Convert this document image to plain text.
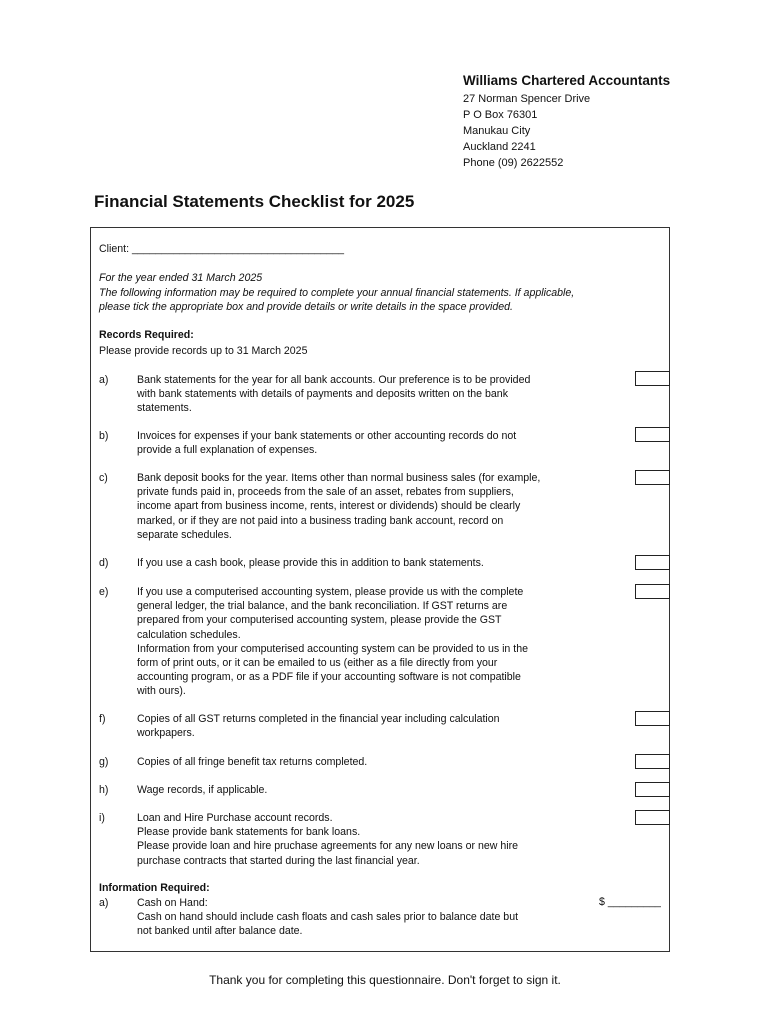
Williams Chartered Accountants
27 Norman Spencer Drive
P O Box 76301
Manukau City
Auckland 2241
Phone (09) 2622552
Financial Statements Checklist for 2025
Client: ____________________________________
For the year ended 31 March 2025
The following information may be required to complete your annual financial statements. If applicable,
please tick the appropriate box and provide details or write details in the space provided.
Records Required:
Please provide records up to 31 March 2025
a)	Bank statements for the year for all bank accounts. Our preference is to be provided
with bank statements with details of payments and deposits written on the bank
statements.
b)	Invoices for expenses if your bank statements or other accounting records do not
provide a full explanation of expenses.
c)	Bank deposit books for the year. Items other than normal business sales (for example,
private funds paid in, proceeds from the sale of an asset, rebates from suppliers,
income apart from business income, rents, interest or dividends) should be clearly
marked, or if they are not paid into a business trading bank account, record on
separate schedules.
d)	If you use a cash book, please provide this in addition to bank statements.
e)	If you use a computerised accounting system, please provide us with the complete
general ledger, the trial balance, and the bank reconciliation. If GST returns are
prepared from your computerised accounting system, please provide the GST
calculation schedules.
Information from your computerised accounting system can be provided to us in the
form of print outs, or it can be emailed to us (either as a file directly from your
accounting program, or as a PDF file if your accounting software is not compatible
with ours).
f)	Copies of all GST returns completed in the financial year including calculation
workpapers.
g)	Copies of all fringe benefit tax returns completed.
h)	Wage records, if applicable.
i)	Loan and Hire Purchase account records.
Please provide bank statements for bank loans.
Please provide loan and hire pruchase agreements for any new loans or new hire
purchase contracts that started during the last financial year.
Information Required:
a)	Cash on Hand:
Cash on hand should include cash floats and cash sales prior to balance date but
not banked until after balance date.
$ _________
Thank you for completing this questionnaire. Don't forget to sign it.
